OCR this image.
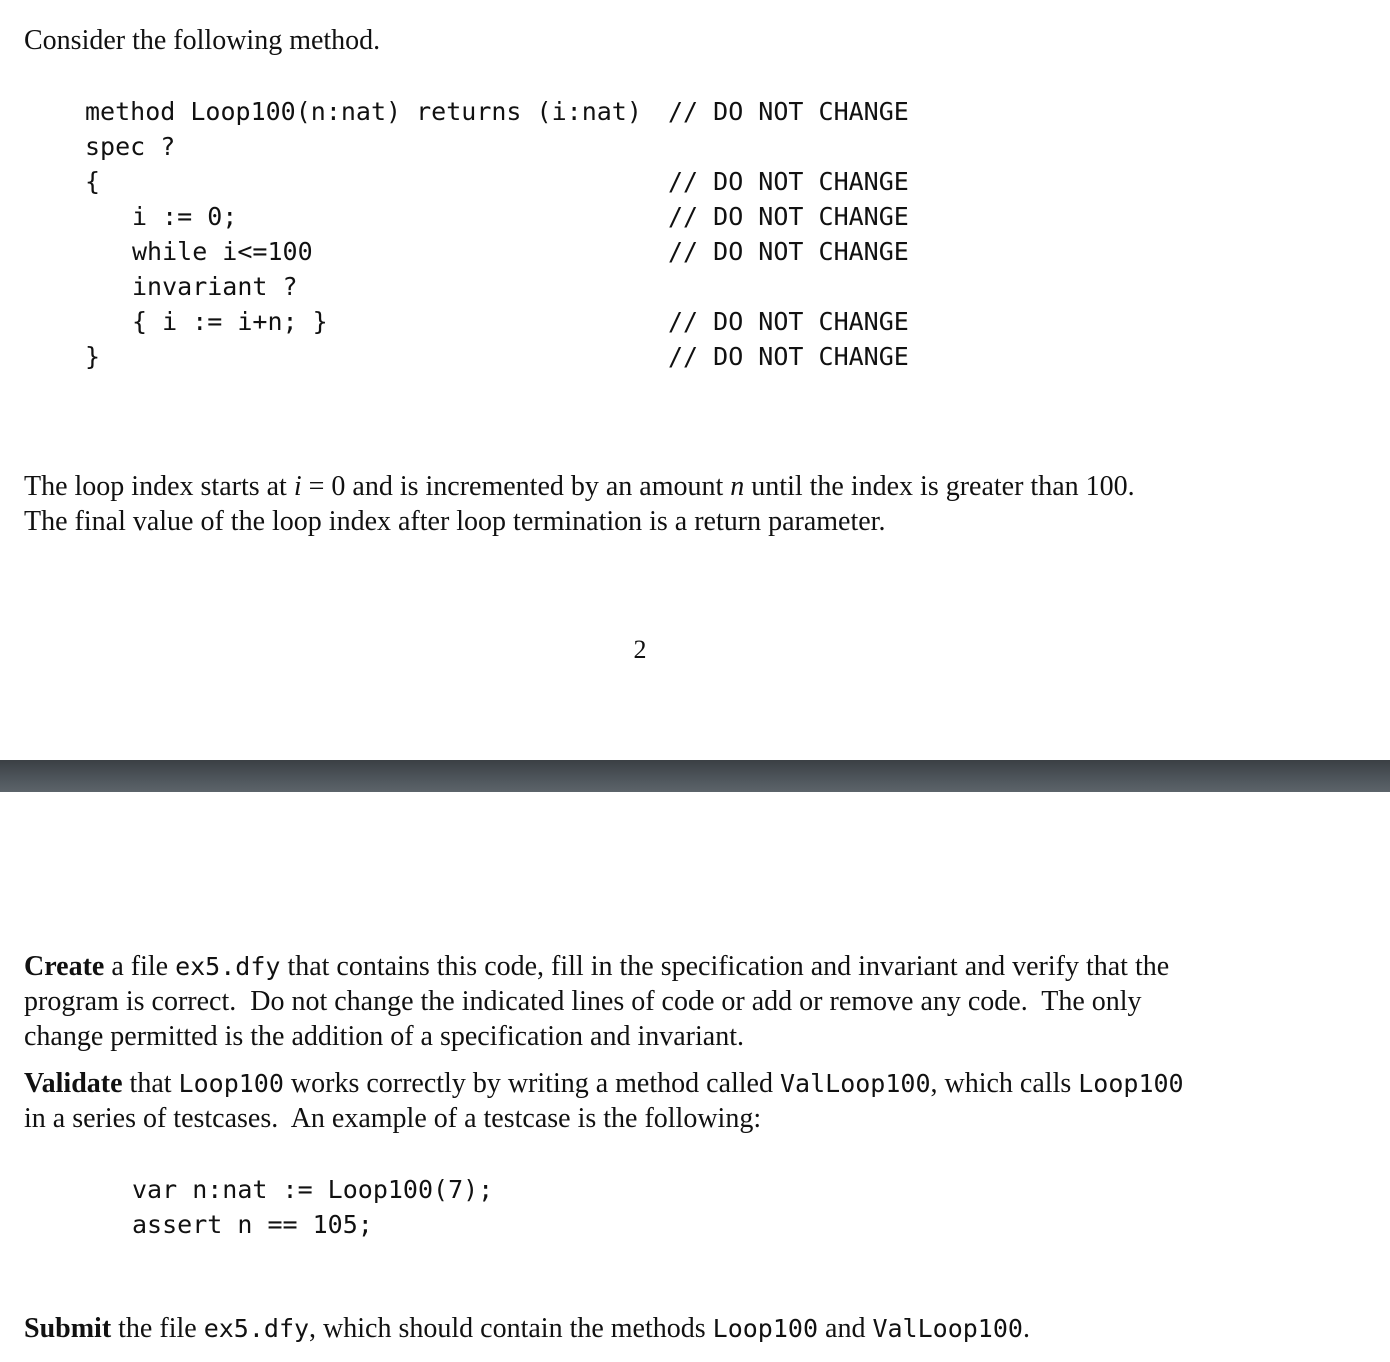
Consider the following method.
method Loop100(n:nat) returns (i:nat) // DO NOT CHANGE
spec ?
{	// DO NOT CHANGE
i := 0;	// DO NOT CHANGE
while i<=100	// DO NOT CHANGE
invariant ?
{ i := i+n; }	// DO NOT CHANGE
}	// DO NOT CHANGE
The loop index starts at i = 0 and is incremented by an amount n until the index is greater than 100.
The final value of the loop index after loop termination is a return parameter.
2
Create a file ex5.dfy that contains this code, fill in the specification and invariant and verify that the
program is correct.  Do not change the indicated lines of code or add or remove any code.  The only
change permitted is the addition of a specification and invariant.
Validate that Loop100 works correctly by writing a method called ValLoop100, which calls Loop100
in a series of testcases.  An example of a testcase is the following:
var n:nat := Loop100(7);
assert n == 105;
Submit the file ex5.dfy, which should contain the methods Loop100 and ValLoop100.
